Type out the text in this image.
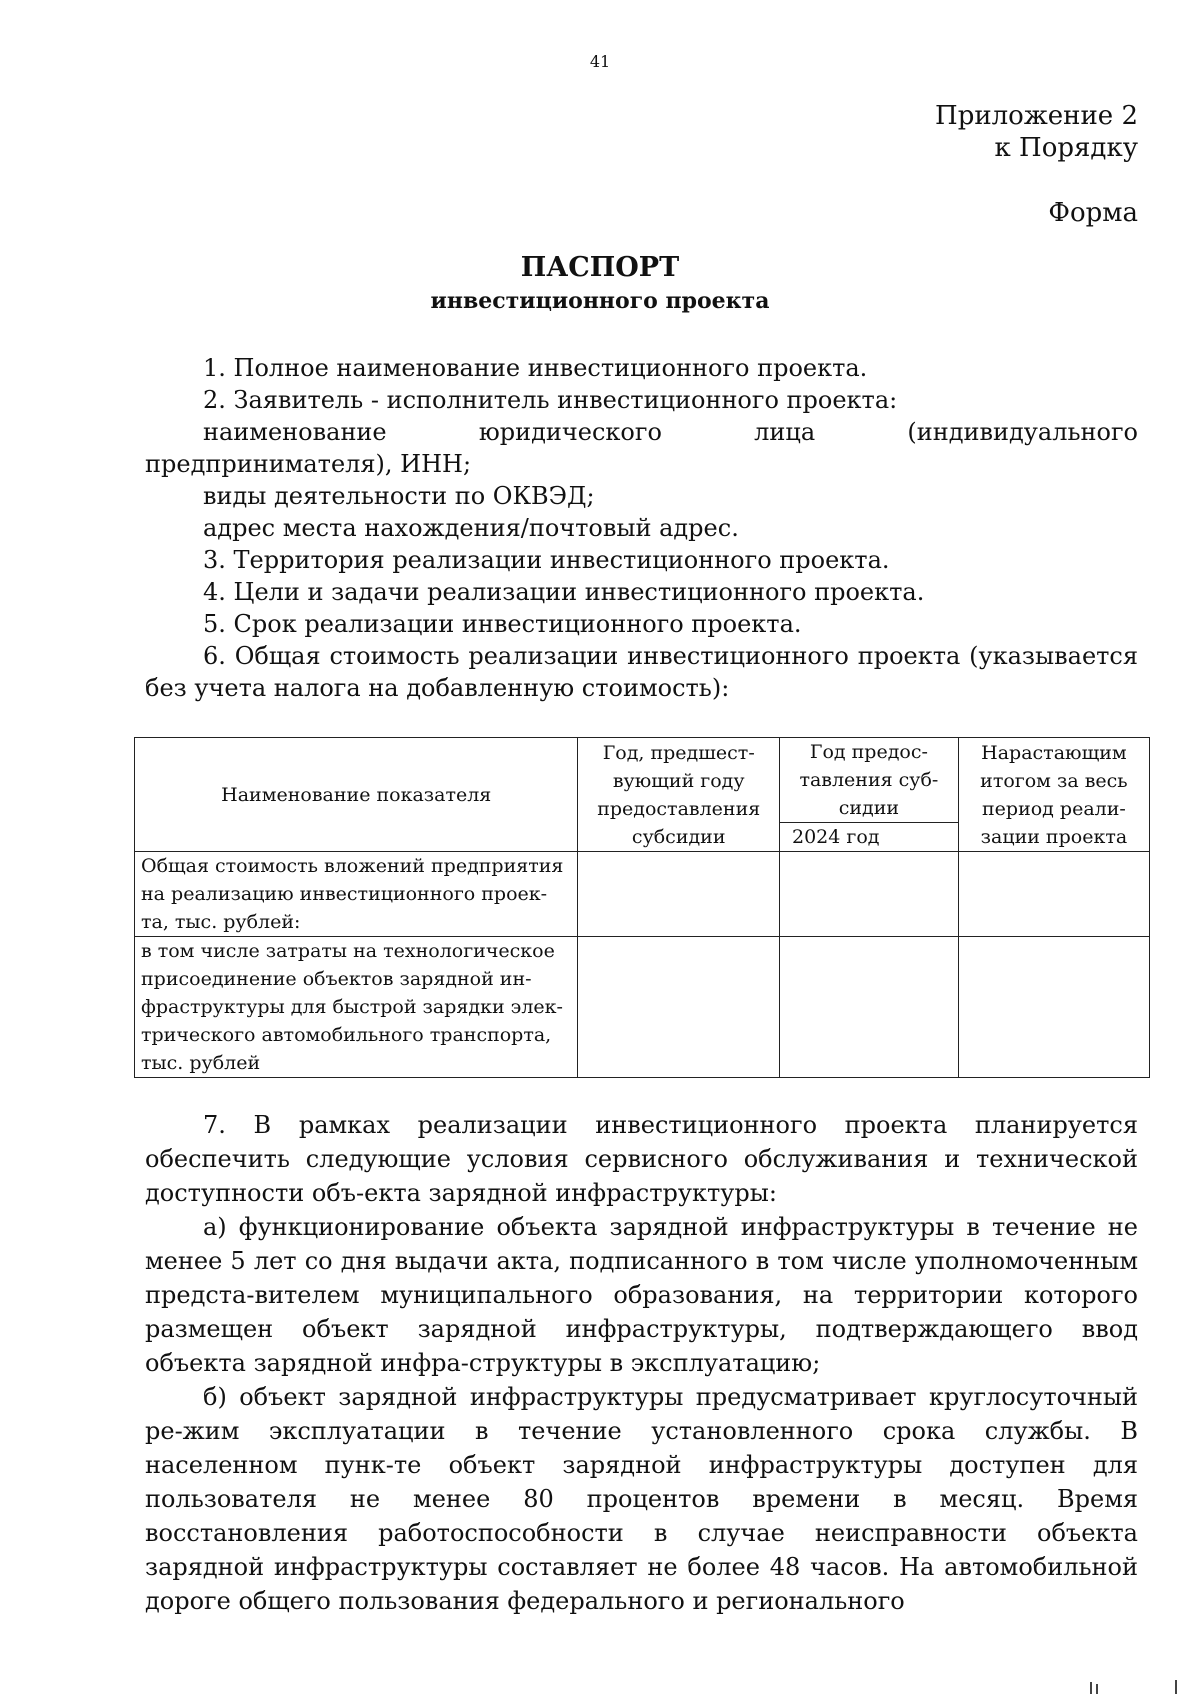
41
Приложение 2
к Порядку
Форма
ПАСПОРТ
инвестиционного проекта

1. Полное наименование инвестиционного проекта.

2. Заявитель - исполнитель инвестиционного проекта:

наименование юридического лица (индивидуального предпринимателя), ИНН;

виды деятельности по ОКВЭД;

адрес места нахождения/почтовый адрес.

3. Территория реализации инвестиционного проекта.

4. Цели и задачи реализации инвестиционного проекта.

5. Срок реализации инвестиционного проекта.

6. Общая стоимость реализации инвестиционного проекта (указывается без учета налога на добавленную стоимость):

Наименование показателя	Год, предшест-вующий году предоставления субсидии	Год предос-тавления суб-сидии	Нарастающим итогом за весь период реали-зации проекта
		2024 год	
Общая стоимость вложений предприятия на реализацию инвестиционного проек-та, тыс. рублей:			
в том числе затраты на технологическое присоединение объектов зарядной ин-фраструктуры для быстрой зарядки элек-трического автомобильного транспорта, тыс. рублей			

7. В рамках реализации инвестиционного проекта планируется обеспечить следующие условия сервисного обслуживания и технической доступности объ-екта зарядной инфраструктуры:

а) функционирование объекта зарядной инфраструктуры в течение не менее 5 лет со дня выдачи акта, подписанного в том числе уполномоченным предста-вителем муниципального образования, на территории которого размещен объект зарядной инфраструктуры, подтверждающего ввод объекта зарядной инфра-структуры в эксплуатацию;

б) объект зарядной инфраструктуры предусматривает круглосуточный ре-жим эксплуатации в течение установленного срока службы. В населенном пунк-те объект зарядной инфраструктуры доступен для пользователя не менее 80 процентов времени в месяц. Время восстановления работоспособности в случае неисправности объекта зарядной инфраструктуры составляет не более 48 часов. На автомобильной дороге общего пользования федерального и регионального
